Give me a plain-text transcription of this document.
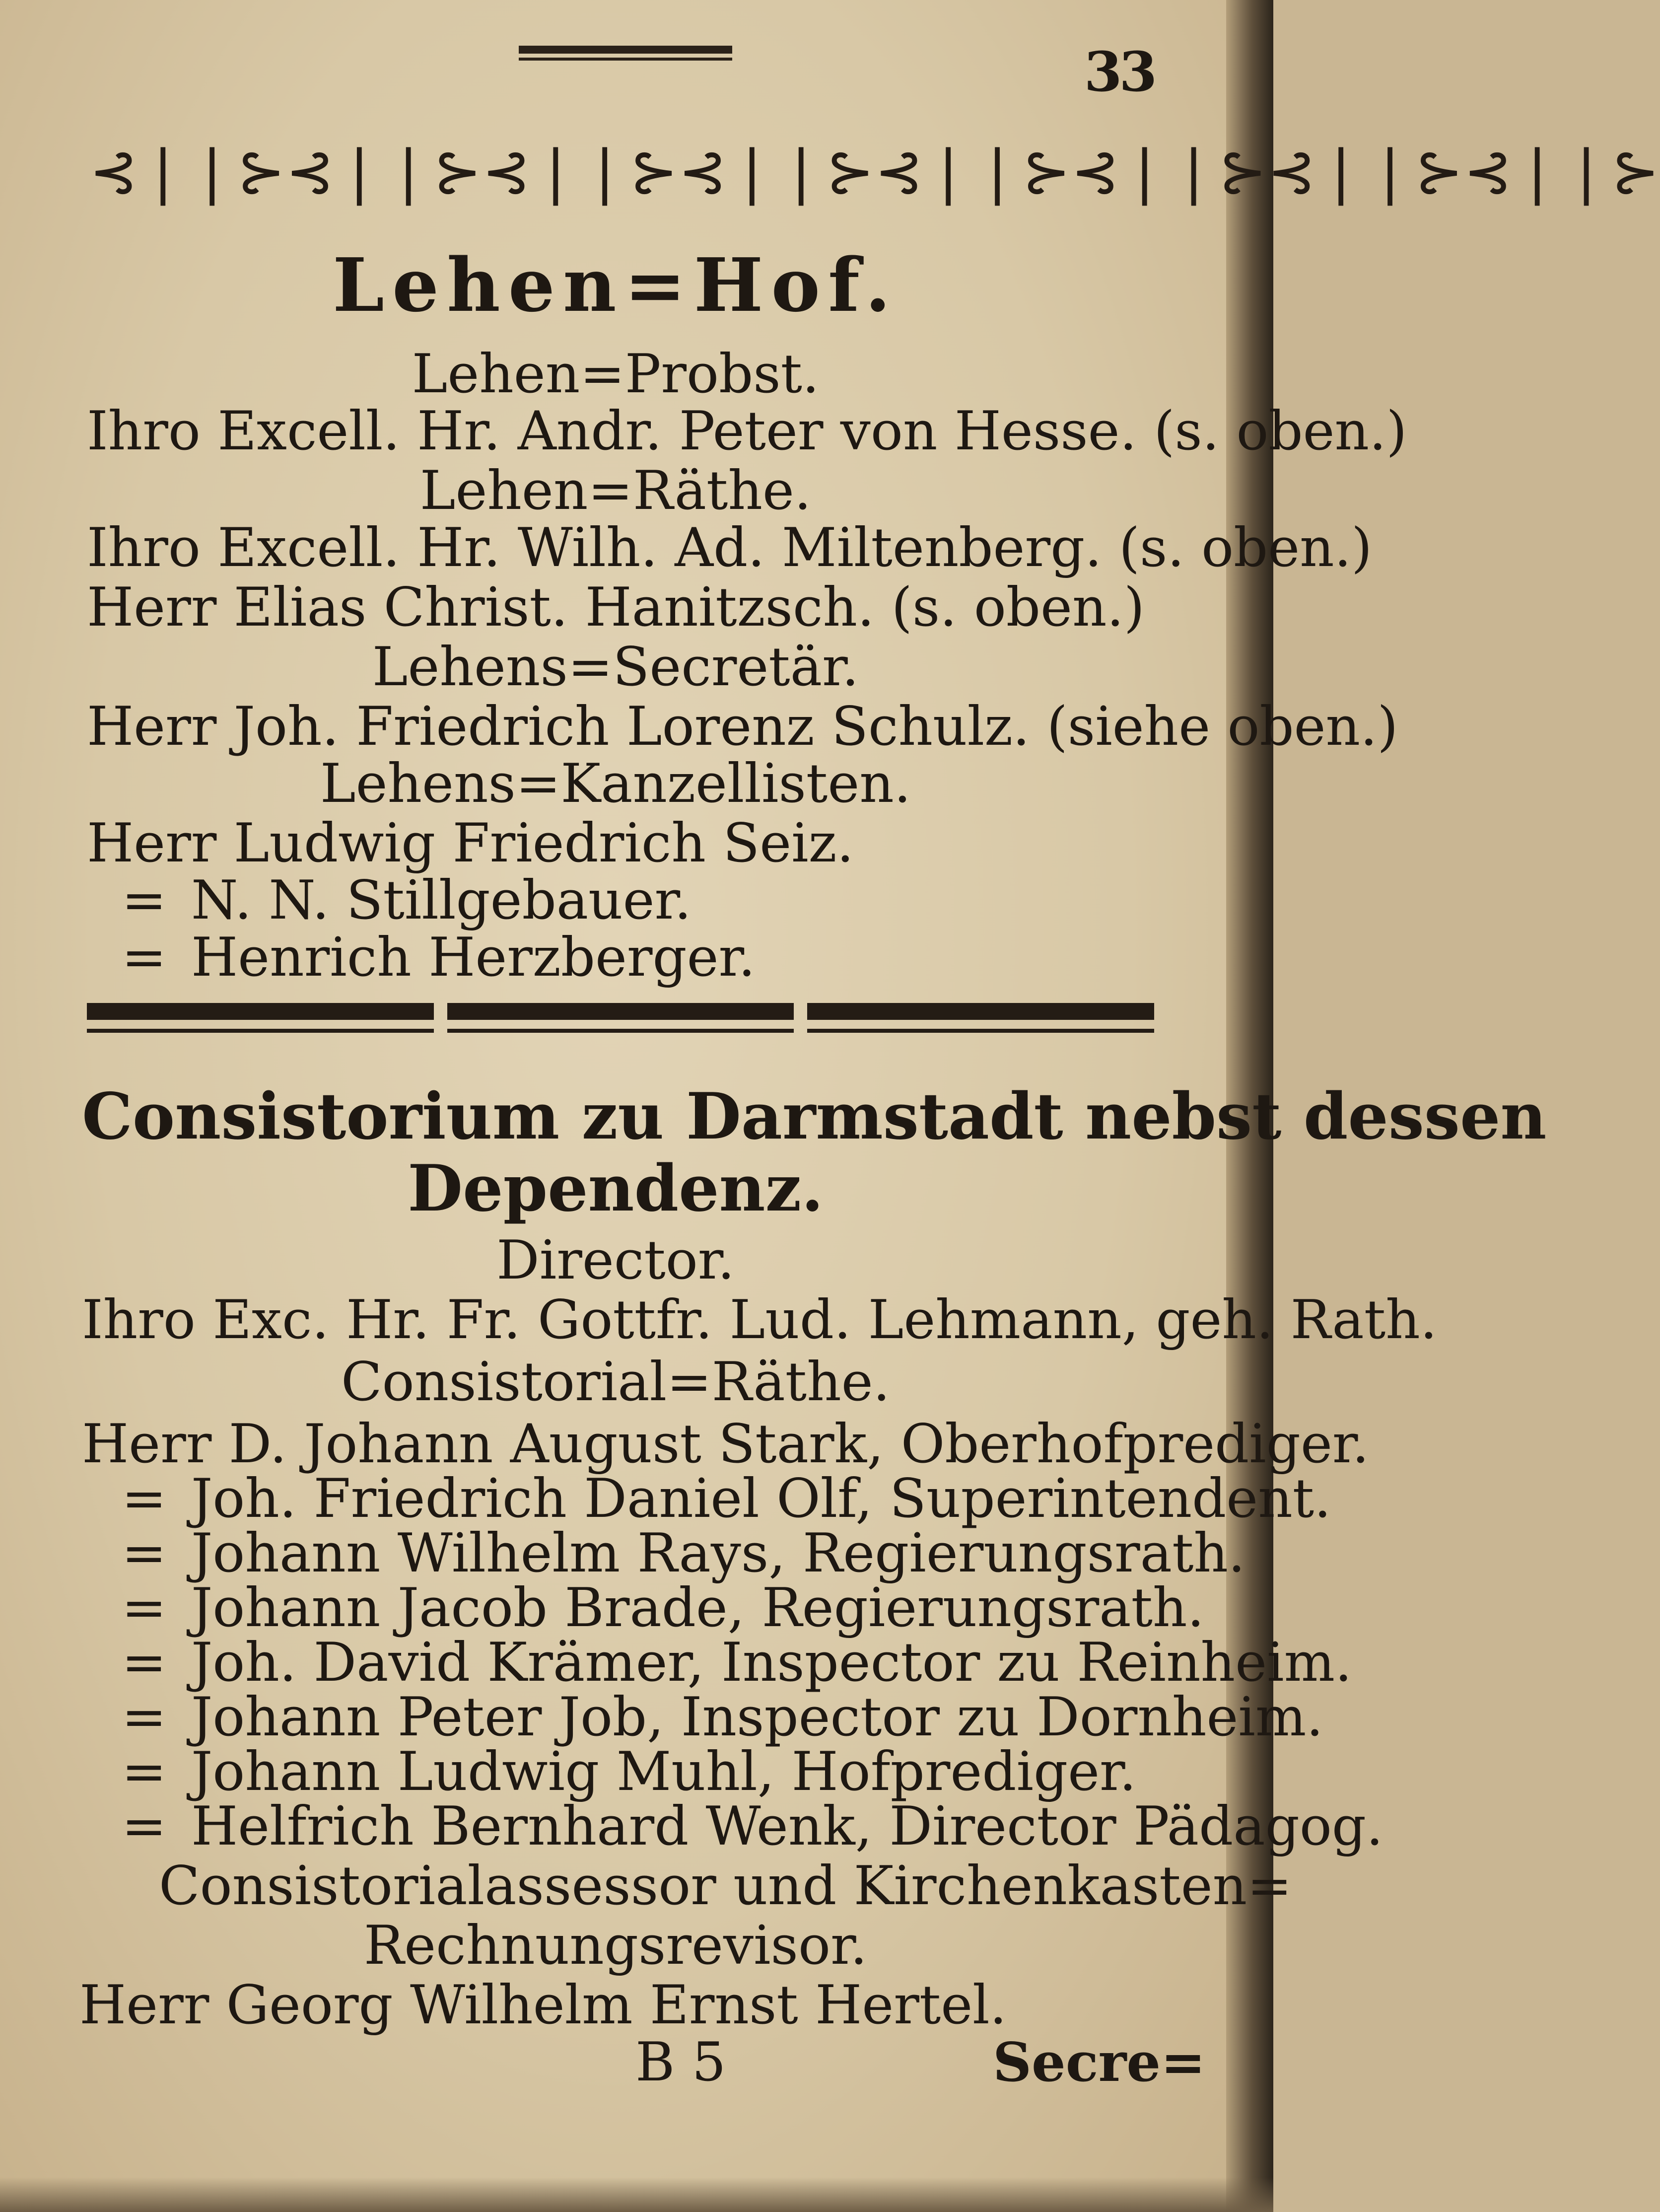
33
⊰❘❘⊱ ⊰❘❘⊱ ⊰❘❘⊱ ⊰❘❘⊱ ⊰❘❘⊱ ⊰❘❘⊱ ⊰❘❘⊱ ⊰❘❘⊱
Lehen=Hof.
Lehen=Probst.
Ihro Excell. Hr. Andr. Peter von Hesse. (s. oben.)
Lehen=Räthe.
Ihro Excell. Hr. Wilh. Ad. Miltenberg. (s. oben.)
Herr Elias Christ. Hanitzsch. (s. oben.)
Lehens=Secretär.
Herr Joh. Friedrich Lorenz Schulz. (siehe oben.)
Lehens=Kanzellisten.
Herr Ludwig Friedrich Seiz.
= N. N. Stillgebauer.
= Henrich Herzberger.
Consistorium zu Darmstadt nebst dessen
Dependenz.
Director.
Ihro Exc. Hr. Fr. Gottfr. Lud. Lehmann, geh. Rath.
Consistorial=Räthe.
Herr D. Johann August Stark, Oberhofprediger.
= Joh. Friedrich Daniel Olf, Superintendent.
= Johann Wilhelm Rays, Regierungsrath.
= Johann Jacob Brade, Regierungsrath.
= Joh. David Krämer, Inspector zu Reinheim.
= Johann Peter Job, Inspector zu Dornheim.
= Johann Ludwig Muhl, Hofprediger.
= Helfrich Bernhard Wenk, Director Pädagog.
Consistorialassessor und Kirchenkasten=
Rechnungsrevisor.
Herr Georg Wilhelm Ernst Hertel.
B 5	Secre=
